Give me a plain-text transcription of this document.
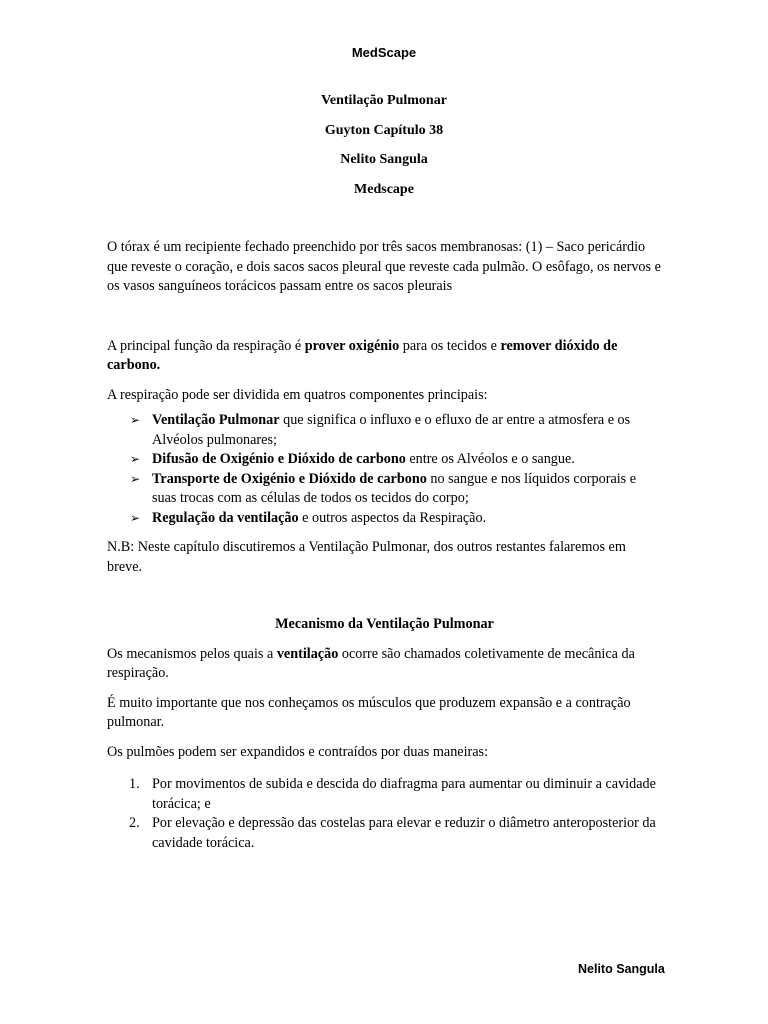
MedScape
Ventilação Pulmonar
Guyton Capítulo 38
Nelito Sangula
Medscape

O tórax é um recipiente fechado preenchido por três sacos membranosas: (1) – Saco pericárdio que reveste o coração, e dois sacos sacos pleural que reveste cada pulmão. O esôfago, os nervos e os vasos sanguíneos torácicos passam entre os sacos pleurais

A principal função da respiração é prover oxigénio para os tecidos e remover dióxido de carbono.

A respiração pode ser dividida em quatros componentes principais:

➢ Ventilação Pulmonar que significa o influxo e o efluxo de ar entre a atmosfera e os Alvéolos pulmonares;
➢ Difusão de Oxigénio e Dióxido de carbono entre os Alvéolos e o sangue.
➢ Transporte de Oxigénio e Dióxido de carbono no sangue e nos líquidos corporais e suas trocas com as células de todos os tecidos do corpo;
➢ Regulação da ventilação e outros aspectos da Respiração.

N.B: Neste capítulo discutiremos a Ventilação Pulmonar, dos outros restantes falaremos em breve.

Mecanismo da Ventilação Pulmonar

Os mecanismos pelos quais a ventilação ocorre são chamados coletivamente de mecânica da respiração.

É muito importante que nos conheçamos os músculos que produzem expansão e a contração pulmonar.

Os pulmões podem ser expandidos e contraídos por duas maneiras:

1. Por movimentos de subida e descida do diafragma para aumentar ou diminuir a cavidade torácica; e
2. Por elevação e depressão das costelas para elevar e reduzir o diâmetro anteroposterior da cavidade torácica.
Nelito Sangula
